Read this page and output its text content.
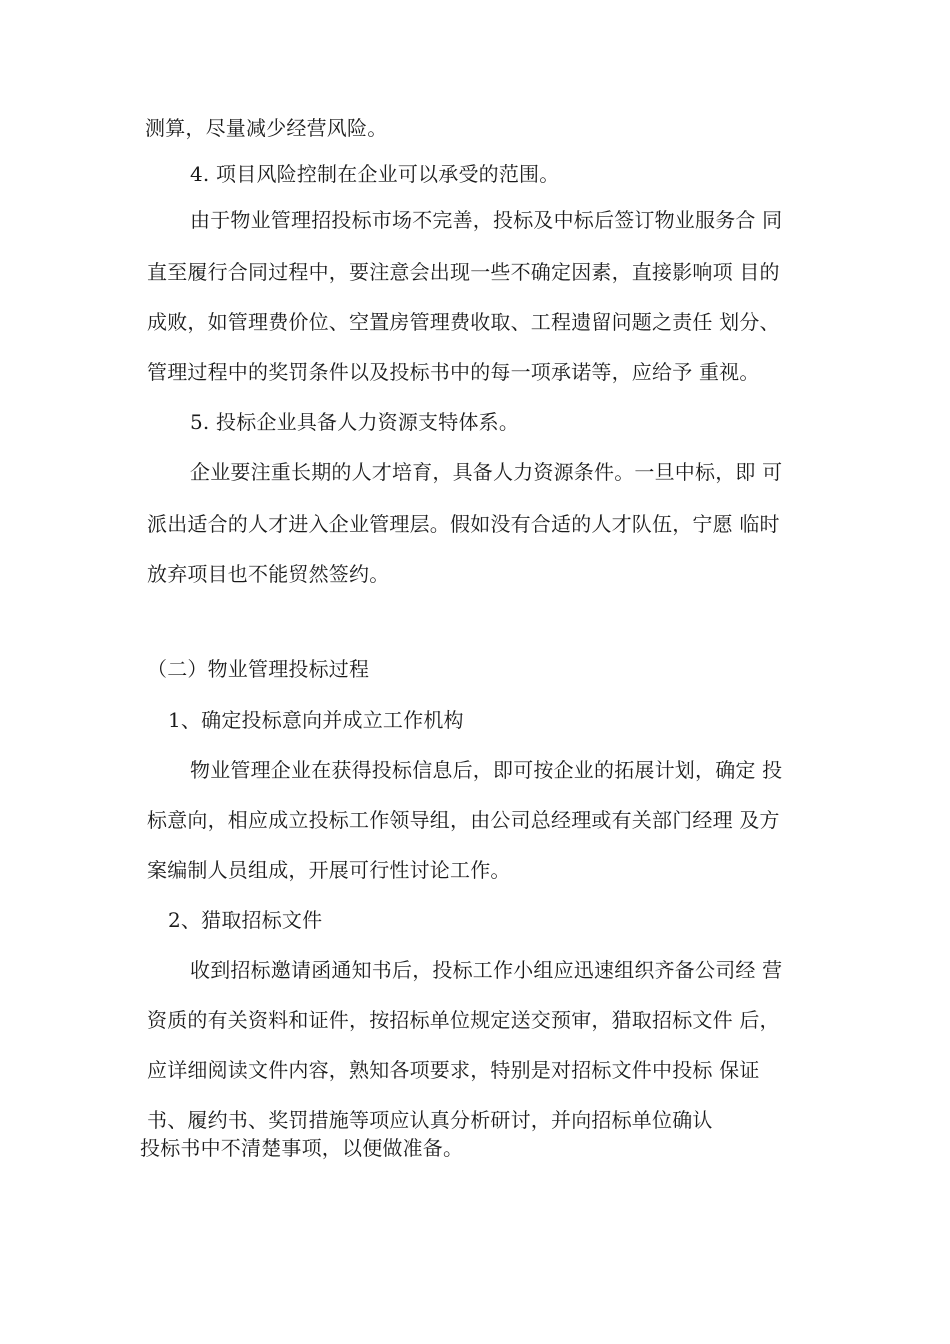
测算，尽量减少经营风险。
4. 项目风险控制在企业可以承受的范围。
由于物业管理招投标市场不完善，投标及中标后签订物业服务合 同
直至履行合同过程中，要注意会出现一些不确定因素，直接影响项 目的
成败，如管理费价位、空置房管理费收取、工程遗留问题之责任 划分、
管理过程中的奖罚条件以及投标书中的每一项承诺等，应给予 重视。
5. 投标企业具备人力资源支特体系。
企业要注重长期的人才培育，具备人力资源条件。一旦中标，即 可
派出适合的人才进入企业管理层。假如没有合适的人才队伍，宁愿 临时
放弃项目也不能贸然签约。
（二）物业管理投标过程
1、确定投标意向并成立工作机构
物业管理企业在获得投标信息后，即可按企业的拓展计划，确定 投
标意向，相应成立投标工作领导组，由公司总经理或有关部门经理 及方
案编制人员组成，开展可行性讨论工作。
2、猎取招标文件
收到招标邀请函通知书后，投标工作小组应迅速组织齐备公司经 营
资质的有关资料和证件，按招标单位规定送交预审，猎取招标文件 后，
应详细阅读文件内容，熟知各项要求，特别是对招标文件中投标 保证
书、履约书、奖罚措施等项应认真分析研讨，并向招标单位确认
投标书中不清楚事项，以便做准备。
